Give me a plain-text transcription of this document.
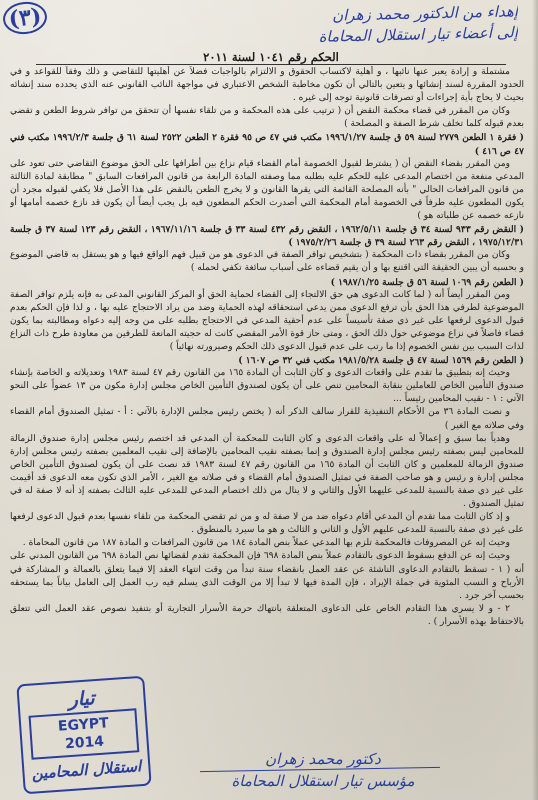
(٣)	إهداء من الدكتور محمد زهران
إلى أعضاء تيار استقلال المحاماة
الحكم رقم ١٠٤١ لسنة ٢٠١١

مشتملة و إرادة يعبر عنها نائبها ، و أهلية لاكتساب الحقوق و الالتزام بالواجبات فضلاً عن أهليتها للتقاضي و ذلك وفقاً للقواعد و في الحدود المقررة لسند إنشائها و يتعين بالتالي أن تكون مخاطبة الشخص الاعتباري في مواجهة النائب القانوني عنه الذي يحدده سند إنشائه بحيث لا يحاج بأية إجراءات أو تصرفات قانونية توجه إلى غيره .

وكان من المقرر في قضاء محكمة النقض أن ( ترتيب على هذه المحكمة و من تلقاء نفسها أن تتحقق من توافر شروط الطعن و تقضي بعدم قبوله كلما تخلف شرط الصفة و المصلحة )

( فقرة ١ الطعن ٢٧٧٩ لسنة ٥٩ ق جلسة ١٩٩٦/١/٢٧ مكتب فني ٤٧ ص ٩٥ فقرة ٢ الطعن ٢٥٢٢ لسنة ٦١ ق جلسة ١٩٩٦/٢/٣ مكتب فني ٤٧ ص ٤١٦ )

ومن المقرر بقضاء النقض أن ( يشترط لقبول الخصومة أمام القضاء قيام نزاع بين أطرافها على الحق موضوع التقاضي حتى تعود على المدعي منفعة من اختصام المدعى عليه للحكم عليه بطلبه مما وصفته المادة الرابعة من قانون المرافعات السابق " مطابقة لمادة الثالثة من قانون المرافعات الحالي " بأنه المصلحة القائمة التي يقرها القانون و لا يخرج الطعن بالنقض على هذا الأصل فلا يكفي لقبوله مجرد أن يكون المطعون عليه طرفاً في الخصومة أمام المحكمة التي أصدرت الحكم المطعون فيه بل يجب أيضاً أن يكون قد نازع خصمه أمامها أو نازعه خصمه عن طلباته هو )

( النقض رقم ٩٣٣ لسنة ٣٤ ق جلسة ١٩٦٢/٥/١١ ، النقض رقم ٤٣٢ لسنة ٣٣ ق جلسة ١٩٦٧/١١/١٦ ، النقض رقم ١٢٣ لسنة ٣٧ ق جلسة ١٩٧٥/١٢/٣١ ، النقض رقم ٢٦٣ لسنة ٣٩ ق جلسة ١٩٧٥/٢/٢٦ )

وكان من المقرر بقضاء ذات المحكمة ( بتشخيص توافر الصفة في الدعوى هو من قبيل فهم الواقع فيها و هو يستقل به قاضي الموضوع و بحسبه أن يبين الحقيقة التي اقتنع بها و أن يقيم قضاءه على أسباب سائغة تكفي لحمله )

( الطعن رقم ١٠٦٩ لسنة ٥٦ ق جلسة ١٩٨٧/١/٢٥ )

ومن المقرر أيضاً أنه ( لما كانت الدعوى هي حق الالتجاء إلى القضاء لحماية الحق أو المركز القانوني المدعى به فإنه يلزم توافر الصفة الموضوعية لطرفي هذا الحق بأن ترفع الدعوى ممن يدعي استحقاقه لهذه الحماية وضد من يراد الاحتجاج عليه بها ، و لذا فإن الحكم بعدم قبول الدعوى لرفعها على غير ذي صفة تأسيساً على عدم أحقية المدعي في الاحتجاج بطلبه على من وجه إليه دعواه ومطالبته بما يكون قضاء فاصلاً في نزاع موضوعي حول ذلك الحق ، ومتى حاز قوة الأمر المقضي كانت له حجيته المانعة للطرفين من معاودة طرح ذات النزاع لذات السبب بين نفس الخصوم إذا ما رتب على عدم قبول الدعوى ذلك الحكم وصيرورته نهائياً )

( الطعن رقم ١٥٦٩ لسنة ٤٧ ق جلسة ١٩٨١/٥/٢٨ مكتب فني ٣٢ ص ١٦٠٧ )

وحيث إنه بتطبيق ما تقدم على واقعات الدعوى و كان الثابت أن المادة ١٦٥ من القانون رقم ٤٧ لسنة ١٩٨٣ وتعديلاته و الخاصة بإنشاء صندوق التأمين الخاص للعاملين بنقابة المحامين تنص على أن يكون لصندوق التأمين الخاص مجلس إدارة مكون من ١٣ عضواً على النحو الآتي : ١ - نقيب المحامين رئيساً ...

و نصت المادة ٣٦ من الأحكام التنفيذية للقرار سالف الذكر أنه ( يختص رئيس مجلس الإدارة بالآتي : أ - تمثيل الصندوق أمام القضاء وفي صلاته مع الغير )

وهدياً بما سبق و إعمالاً له على واقعات الدعوى و كان الثابت للمحكمة أن المدعي قد اختصم رئيس مجلس إدارة صندوق الزمالة للمحامين ليس بصفته رئيس مجلس إدارة الصندوق و إنما بصفته نقيب المحامين بالإضافة إلى نقيب المعلمين بصفته رئيس مجلس إدارة صندوق الزمالة للمعلمين و كان الثابت أن المادة ١٦٥ من القانون رقم ٤٧ لسنة ١٩٨٣ قد نصت على أن يكون لصندوق التأمين الخاص مجلس إدارة و رئيس و هو صاحب الصفة في تمثيل الصندوق أمام القضاء و في صلاته مع الغير ، الأمر الذي تكون معه الدعوى قد أقيمت على غير ذي صفة بالنسبة للمدعى عليهما الأول والثاني و لا ينال من ذلك اختصام المدعي للمدعى عليه الثالث بصفته إذ أنه لا صفة له في تمثيل الصندوق .

و إذ كان الثابت مما تقدم أن المدعي أقام دعواه ضد من لا صفة له و من ثم تقضي المحكمة من تلقاء نفسها بعدم قبول الدعوى لرفعها على غير ذي صفة بالنسبة للمدعى عليهم الأول و الثاني و الثالث و هو ما سيرد بالمنطوق .

وحيث إنه عن المصروفات فالمحكمة تلزم بها المدعي عملاً بنص المادة ١٨٤ من قانون المرافعات و المادة ١٨٧ من قانون المحاماة .

وحيث إنه عن الدفع بسقوط الدعوى بالتقادم عملاً بنص المادة ٦٩٨ فإن المحكمة تقدم لقضائها نص المادة ٦٩٨ من القانون المدني على أنه ( ١ - تسقط بالتقادم الدعاوى الناشئة عن عقد العمل بانقضاء سنة تبدأ من وقت انتهاء العقد إلا فيما يتعلق بالعمالة و المشاركة في الأرباح و النسب المئوية في جملة الإيراد ، فإن المدة فيها لا تبدأ إلا من الوقت الذي يسلم فيه رب العمل إلى العامل بياناً بما يستحقه بحسب آخر جرد .

٢ - و لا يسري هذا التقادم الخاص على الدعاوى المتعلقة بانتهاك حرمة الأسرار التجارية أو بتنفيذ نصوص عقد العمل التي تتعلق بالاحتفاظ بهذه الأسرار ) .

تيار
EGYPT
2014
استقلال المحامين	دكتور محمد زهران
مؤسس تيار استقلال المحاماة
